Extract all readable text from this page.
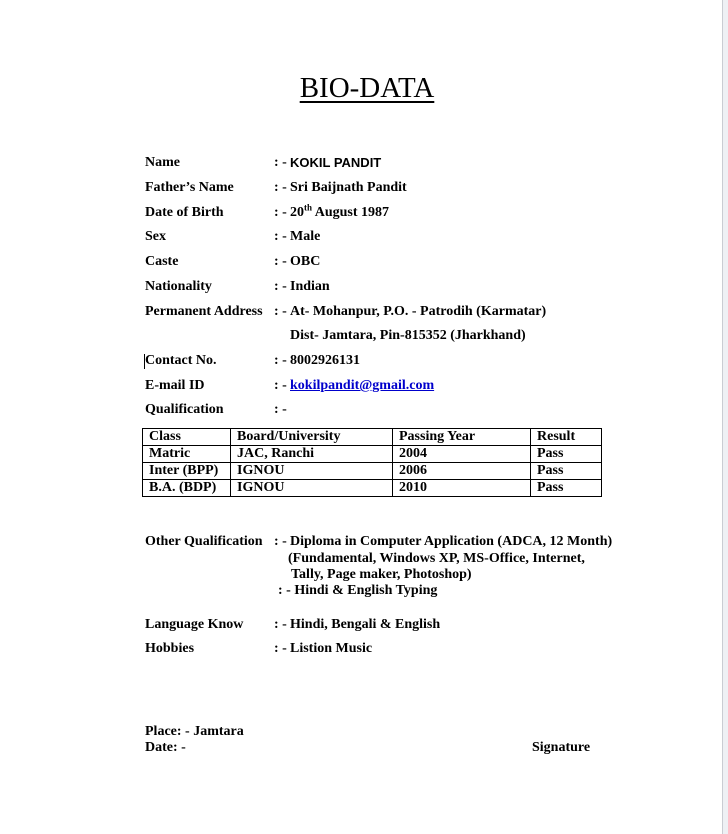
BIO-DATA
Name	: - KOKIL PANDIT
Father’s Name	: - Sri Baijnath Pandit
Date of Birth	: - 20th August 1987
Sex	: - Male
Caste	: - OBC
Nationality	: - Indian
Permanent Address : - At- Mohanpur, P.O. - Patrodih (Karmatar)
Dist- Jamtara, Pin-815352 (Jharkhand)
Contact No.	: - 8002926131
E-mail ID	: - kokilpandit@gmail.com
Qualification	: -
Class	Board/University	Passing Year	Result
Matric	JAC, Ranchi	2004	Pass
Inter (BPP)	IGNOU	2006	Pass
B.A. (BDP)	IGNOU	2010	Pass
Other Qualification : - Diploma in Computer Application (ADCA, 12 Month)
(Fundamental, Windows XP, MS-Office, Internet,
Tally, Page maker, Photoshop)
: - Hindi & English Typing
Language Know : - Hindi, Bengali & English
Hobbies	: - Listion Music
Place: - Jamtara
Date: -	Signature
